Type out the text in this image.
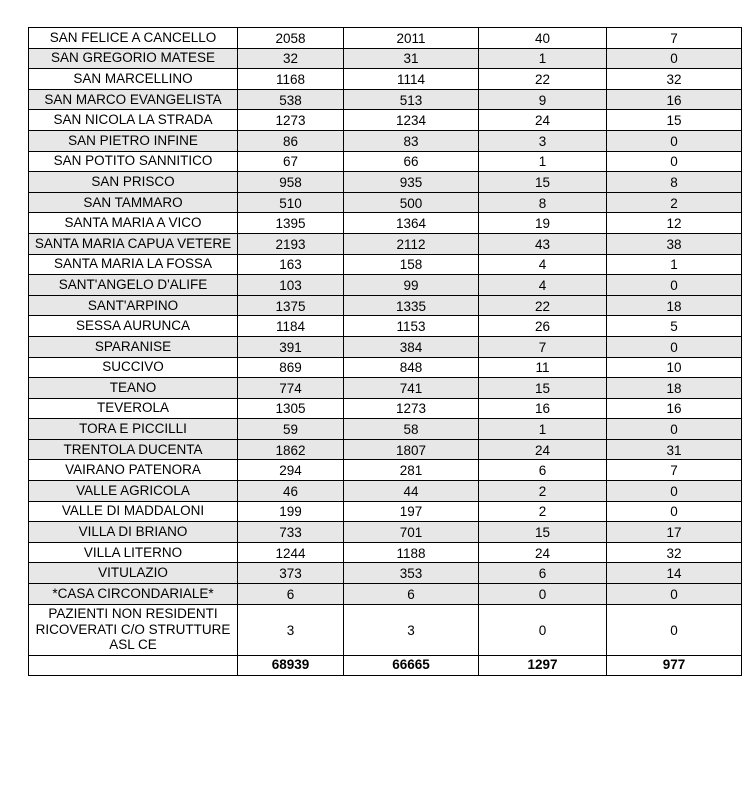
SAN FELICE A CANCELLO	2058	2011	40	7
SAN GREGORIO MATESE	32	31	1	0
SAN MARCELLINO	1168	1114	22	32
SAN MARCO EVANGELISTA	538	513	9	16
SAN NICOLA LA STRADA	1273	1234	24	15
SAN PIETRO INFINE	86	83	3	0
SAN POTITO SANNITICO	67	66	1	0
SAN PRISCO	958	935	15	8
SAN TAMMARO	510	500	8	2
SANTA MARIA A VICO	1395	1364	19	12
SANTA MARIA CAPUA VETERE	2193	2112	43	38
SANTA MARIA LA FOSSA	163	158	4	1
SANT'ANGELO D'ALIFE	103	99	4	0
SANT'ARPINO	1375	1335	22	18
SESSA AURUNCA	1184	1153	26	5
SPARANISE	391	384	7	0
SUCCIVO	869	848	11	10
TEANO	774	741	15	18
TEVEROLA	1305	1273	16	16
TORA E PICCILLI	59	58	1	0
TRENTOLA DUCENTA	1862	1807	24	31
VAIRANO PATENORA	294	281	6	7
VALLE AGRICOLA	46	44	2	0
VALLE DI MADDALONI	199	197	2	0
VILLA DI BRIANO	733	701	15	17
VILLA LITERNO	1244	1188	24	32
VITULAZIO	373	353	6	14
*CASA CIRCONDARIALE*	6	6	0	0
PAZIENTI NON RESIDENTI RICOVERATI C/O STRUTTURE ASL CE	3	3	0	0
	68939	66665	1297	977
